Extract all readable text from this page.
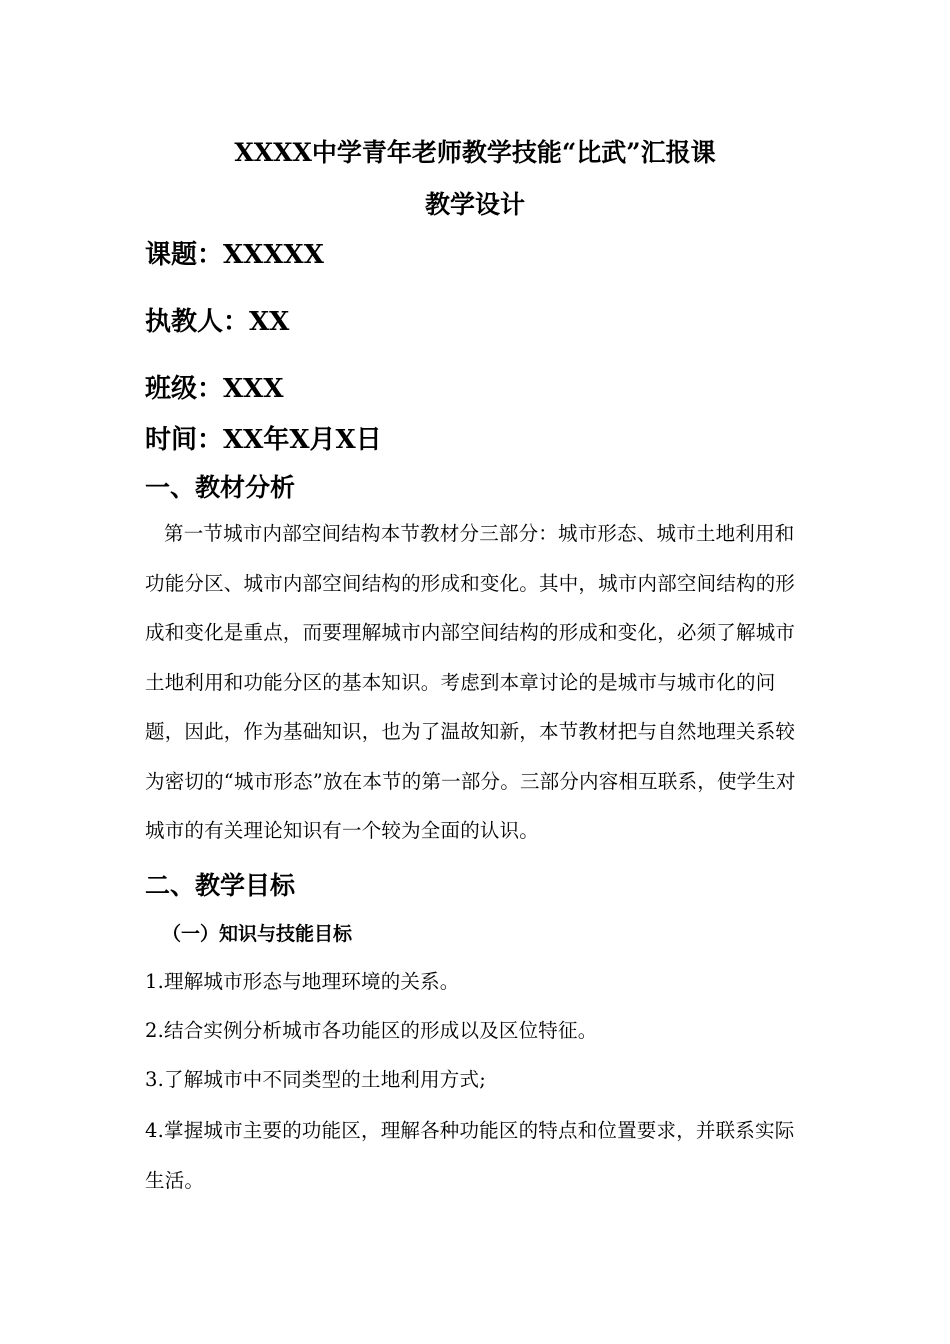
XXXX中学青年老师教学技能“比武”汇报课
教学设计
课题：XXXXX
执教人：XX
班级：XXX
时间：XX年X月X日
一、教材分析
第一节城市内部空间结构本节教材分三部分：城市形态、城市土地利用和功能分区、城市内部空间结构的形成和变化。其中，城市内部空间结构的形成和变化是重点，而要理解城市内部空间结构的形成和变化，必须了解城市土地利用和功能分区的基本知识。考虑到本章讨论的是城市与城市化的问题，因此，作为基础知识，也为了温故知新，本节教材把与自然地理关系较为密切的“城市形态”放在本节的第一部分。三部分内容相互联系，使学生对城市的有关理论知识有一个较为全面的认识。
二、教学目标
（一）知识与技能目标
1.理解城市形态与地理环境的关系。
2.结合实例分析城市各功能区的形成以及区位特征。
3.了解城市中不同类型的土地利用方式;
4.掌握城市主要的功能区，理解各种功能区的特点和位置要求，并联系实际生活。
